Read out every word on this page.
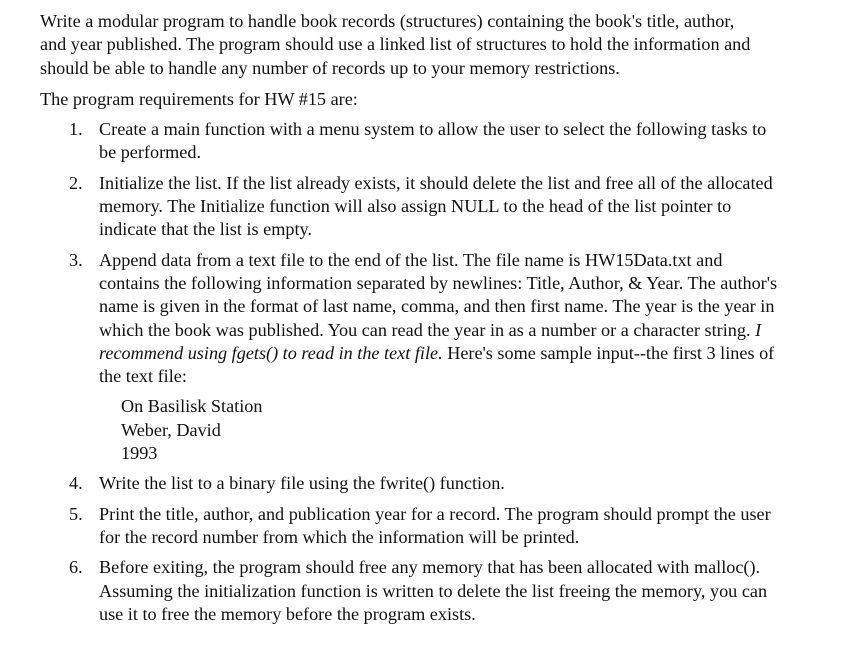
Write a modular program to handle book records (structures) containing the book's title, author, and year published. The program should use a linked list of structures to hold the information and should be able to handle any number of records up to your memory restrictions.

The program requirements for HW #15 are:

1. Create a main function with a menu system to allow the user to select the following tasks to be performed.
2. Initialize the list. If the list already exists, it should delete the list and free all of the allocated memory. The Initialize function will also assign NULL to the head of the list pointer to indicate that the list is empty.
3. Append data from a text file to the end of the list. The file name is HW15Data.txt and contains the following information separated by newlines: Title, Author, & Year. The author's name is given in the format of last name, comma, and then first name. The year is the year in which the book was published. You can read the year in as a number or a character string. I recommend using fgets() to read in the text file. Here's some sample input--the first 3 lines of the text file:
On Basilisk Station
Weber, David
1993
4. Write the list to a binary file using the fwrite() function.
5. Print the title, author, and publication year for a record. The program should prompt the user for the record number from which the information will be printed.
6. Before exiting, the program should free any memory that has been allocated with malloc(). Assuming the initialization function is written to delete the list freeing the memory, you can use it to free the memory before the program exists.
